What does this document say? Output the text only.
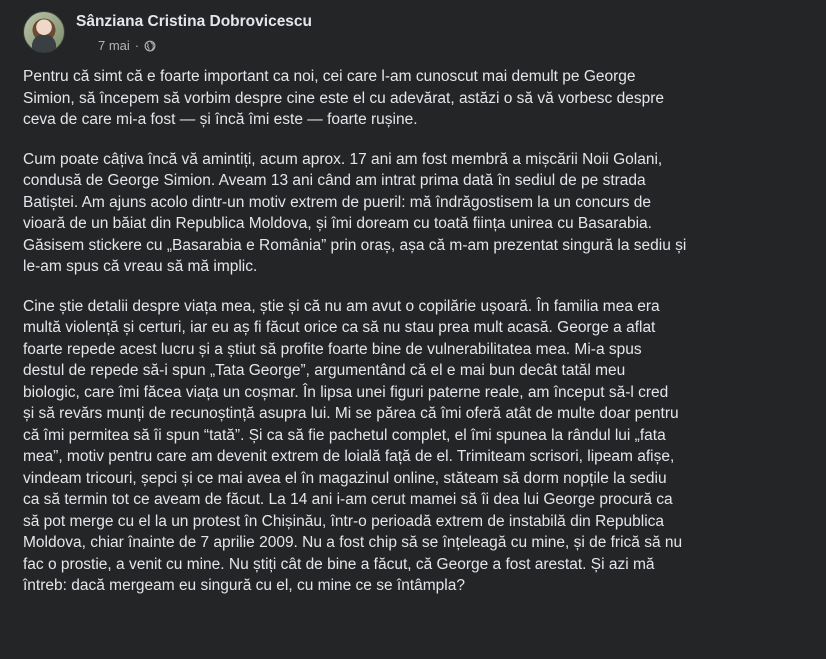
Sânziana Cristina Dobrovicescu
7 mai ·

Pentru că simt că e foarte important ca noi, cei care l-am cunoscut mai demult pe George
Simion, să începem să vorbim despre cine este el cu adevărat, astăzi o să vă vorbesc despre
ceva de care mi-a fost — și încă îmi este — foarte rușine.

Cum poate câțiva încă vă amintiți, acum aprox. 17 ani am fost membră a mișcării Noii Golani,
condusă de George Simion. Aveam 13 ani când am intrat prima dată în sediul de pe strada
Batiștei. Am ajuns acolo dintr-un motiv extrem de pueril: mă îndrăgostisem la un concurs de
vioară de un băiat din Republica Moldova, și îmi doream cu toată ființa unirea cu Basarabia.
Găsisem stickere cu „Basarabia e România” prin oraș, așa că m-am prezentat singură la sediu și
le-am spus că vreau să mă implic.

Cine știe detalii despre viața mea, știe și că nu am avut o copilărie ușoară. În familia mea era
multă violență și certuri, iar eu aș fi făcut orice ca să nu stau prea mult acasă. George a aflat
foarte repede acest lucru și a știut să profite foarte bine de vulnerabilitatea mea. Mi-a spus
destul de repede să-i spun „Tata George”, argumentând că el e mai bun decât tatăl meu
biologic, care îmi făcea viața un coșmar. În lipsa unei figuri paterne reale, am început să-l cred
și să revărs munți de recunoștință asupra lui. Mi se părea că îmi oferă atât de multe doar pentru
că îmi permitea să îi spun “tată”. Și ca să fie pachetul complet, el îmi spunea la rândul lui „fata
mea”, motiv pentru care am devenit extrem de loială față de el. Trimiteam scrisori, lipeam afișe,
vindeam tricouri, șepci și ce mai avea el în magazinul online, stăteam să dorm nopțile la sediu
ca să termin tot ce aveam de făcut. La 14 ani i-am cerut mamei să îi dea lui George procură ca
să pot merge cu el la un protest în Chișinău, într-o perioadă extrem de instabilă din Republica
Moldova, chiar înainte de 7 aprilie 2009. Nu a fost chip să se înțeleagă cu mine, și de frică să nu
fac o prostie, a venit cu mine. Nu știți cât de bine a făcut, că George a fost arestat. Și azi mă
întreb: dacă mergeam eu singură cu el, cu mine ce se întâmpla?
